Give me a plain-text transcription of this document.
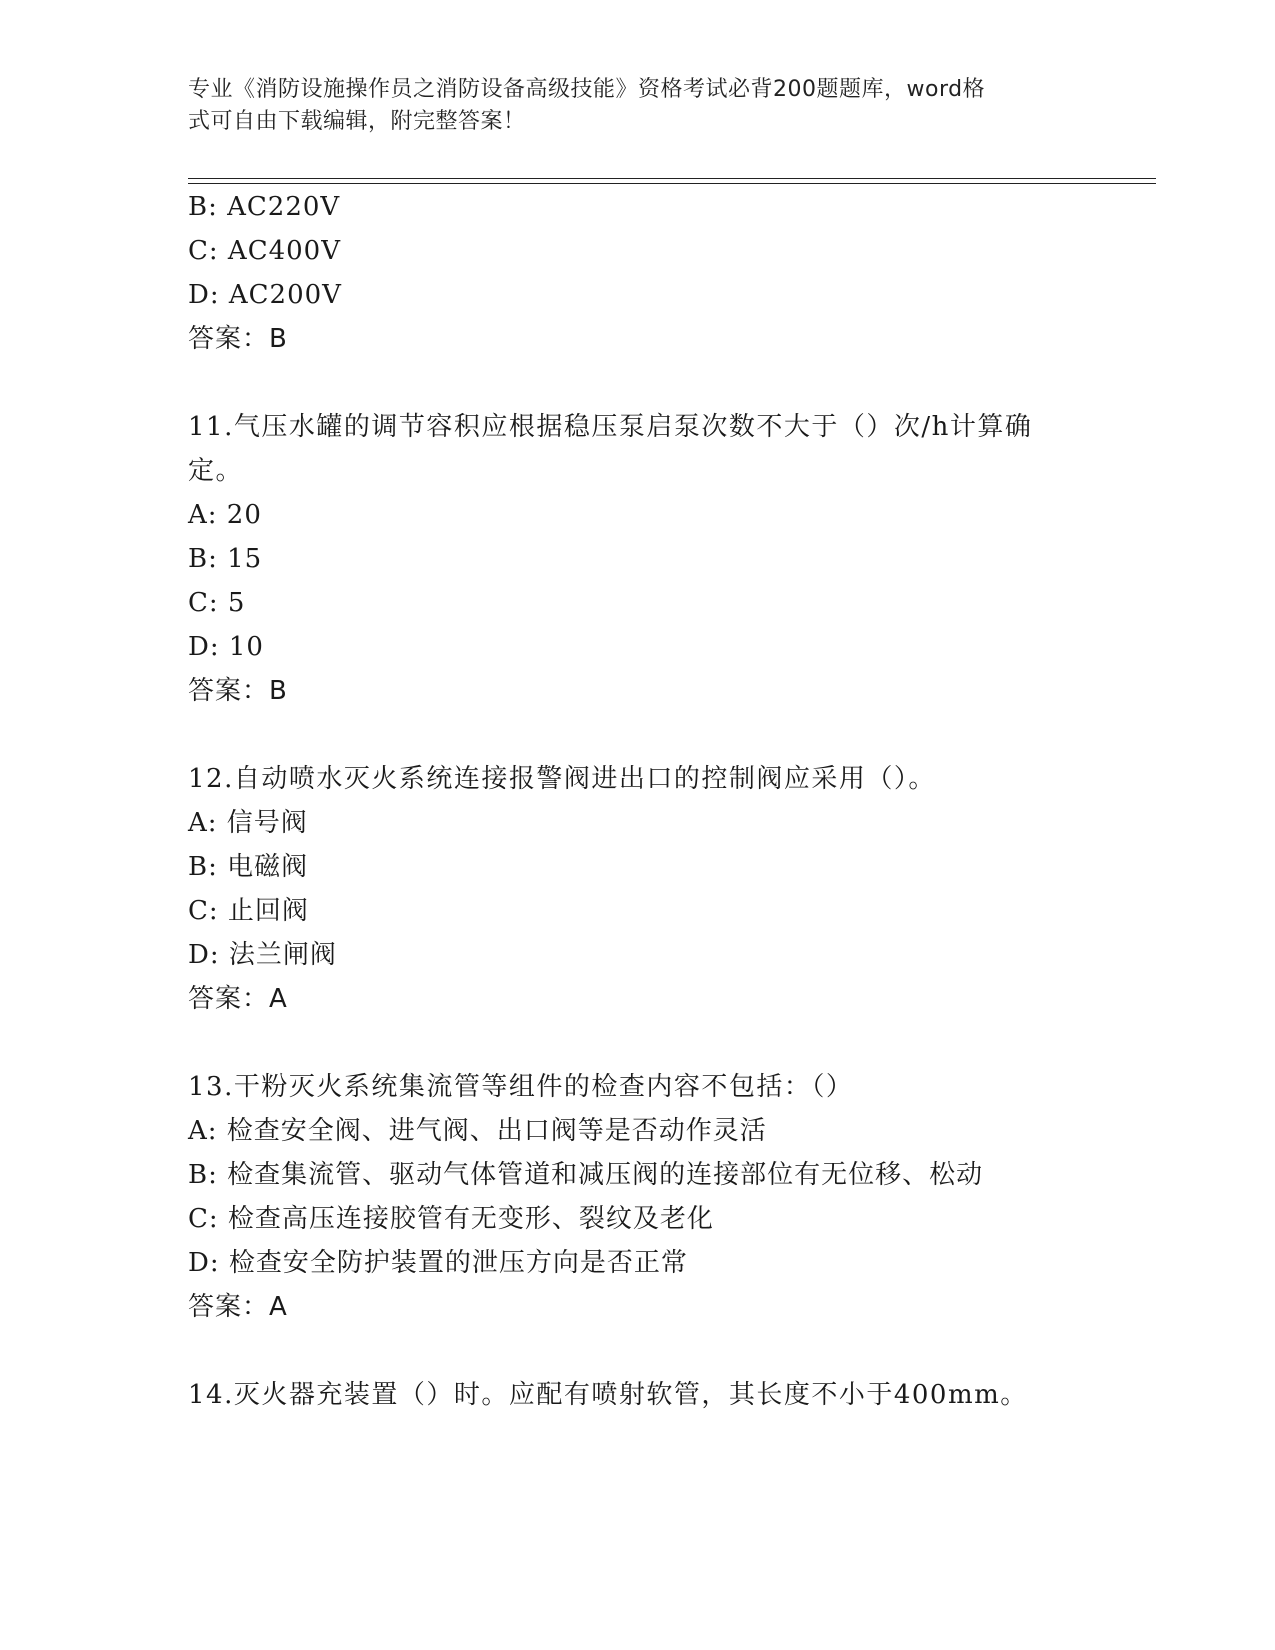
专业《消防设施操作员之消防设备高级技能》资格考试必背200题题库，word格
式可自由下载编辑，附完整答案！
B: AC220V
C: AC400V
D: AC200V
答案：B
11.气压水罐的调节容积应根据稳压泵启泵次数不大于（）次/h计算确
定。
A: 20
B: 15
C: 5
D: 10
答案：B
12.自动喷水灭火系统连接报警阀进出口的控制阀应采用（）。
A: 信号阀
B: 电磁阀
C: 止回阀
D: 法兰闸阀
答案：A
13.干粉灭火系统集流管等组件的检查内容不包括：（）
A: 检查安全阀、进气阀、出口阀等是否动作灵活
B: 检查集流管、驱动气体管道和减压阀的连接部位有无位移、松动
C: 检查高压连接胶管有无变形、裂纹及老化
D: 检查安全防护装置的泄压方向是否正常
答案：A
14.灭火器充装置（）时。应配有喷射软管，其长度不小于400mm。
